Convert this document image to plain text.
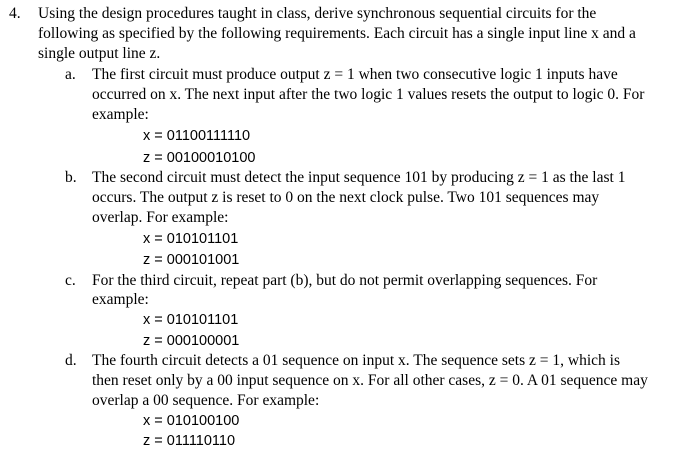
4. Using the design procedures taught in class, derive synchronous sequential circuits for the
following as specified by the following requirements. Each circuit has a single input line x and a
single output line z.
a. The first circuit must produce output z = 1 when two consecutive logic 1 inputs have
occurred on x. The next input after the two logic 1 values resets the output to logic 0. For
example:
x = 01100111110
z = 00100010100
b. The second circuit must detect the input sequence 101 by producing z = 1 as the last 1
occurs. The output z is reset to 0 on the next clock pulse. Two 101 sequences may
overlap. For example:
x = 010101101
z = 000101001
c. For the third circuit, repeat part (b), but do not permit overlapping sequences. For
example:
x = 010101101
z = 000100001
d. The fourth circuit detects a 01 sequence on input x. The sequence sets z = 1, which is
then reset only by a 00 input sequence on x. For all other cases, z = 0. A 01 sequence may
overlap a 00 sequence. For example:
x = 010100100
z = 011110110
